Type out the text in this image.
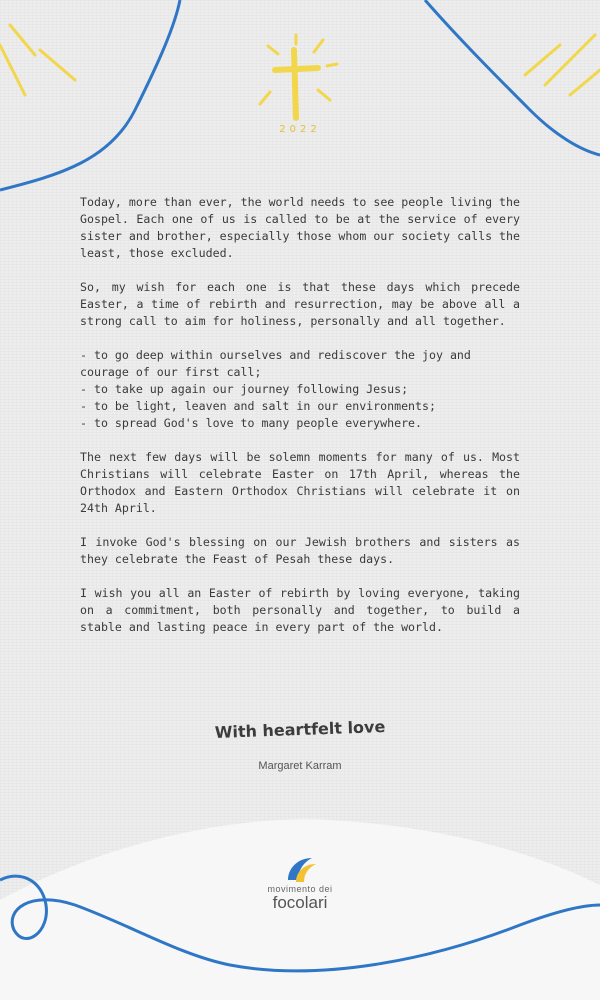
2022

Today, more than ever, the world needs to see people living the Gospel. Each one of us is called to be at the service of every sister and brother, especially those whom our society calls the least, those excluded.

So, my wish for each one is that these days which precede Easter, a time of rebirth and resurrection, may be above all a strong call to aim for holiness, personally and all together.

- to go deep within ourselves and rediscover the joy and courage of our first call;
- to take up again our journey following Jesus;
- to be light, leaven and salt in our environments;
- to spread God's love to many people everywhere.

The next few days will be solemn moments for many of us. Most Christians will celebrate Easter on 17th April, whereas the Orthodox and Eastern Orthodox Christians will celebrate it on 24th April.

I invoke God's blessing on our Jewish brothers and sisters as they celebrate the Feast of Pesah these days.

I wish you all an Easter of rebirth by loving everyone, taking on a commitment, both personally and together, to build a stable and lasting peace in every part of the world.

With heartfelt love
Margaret Karram
movimento dei
focolari
